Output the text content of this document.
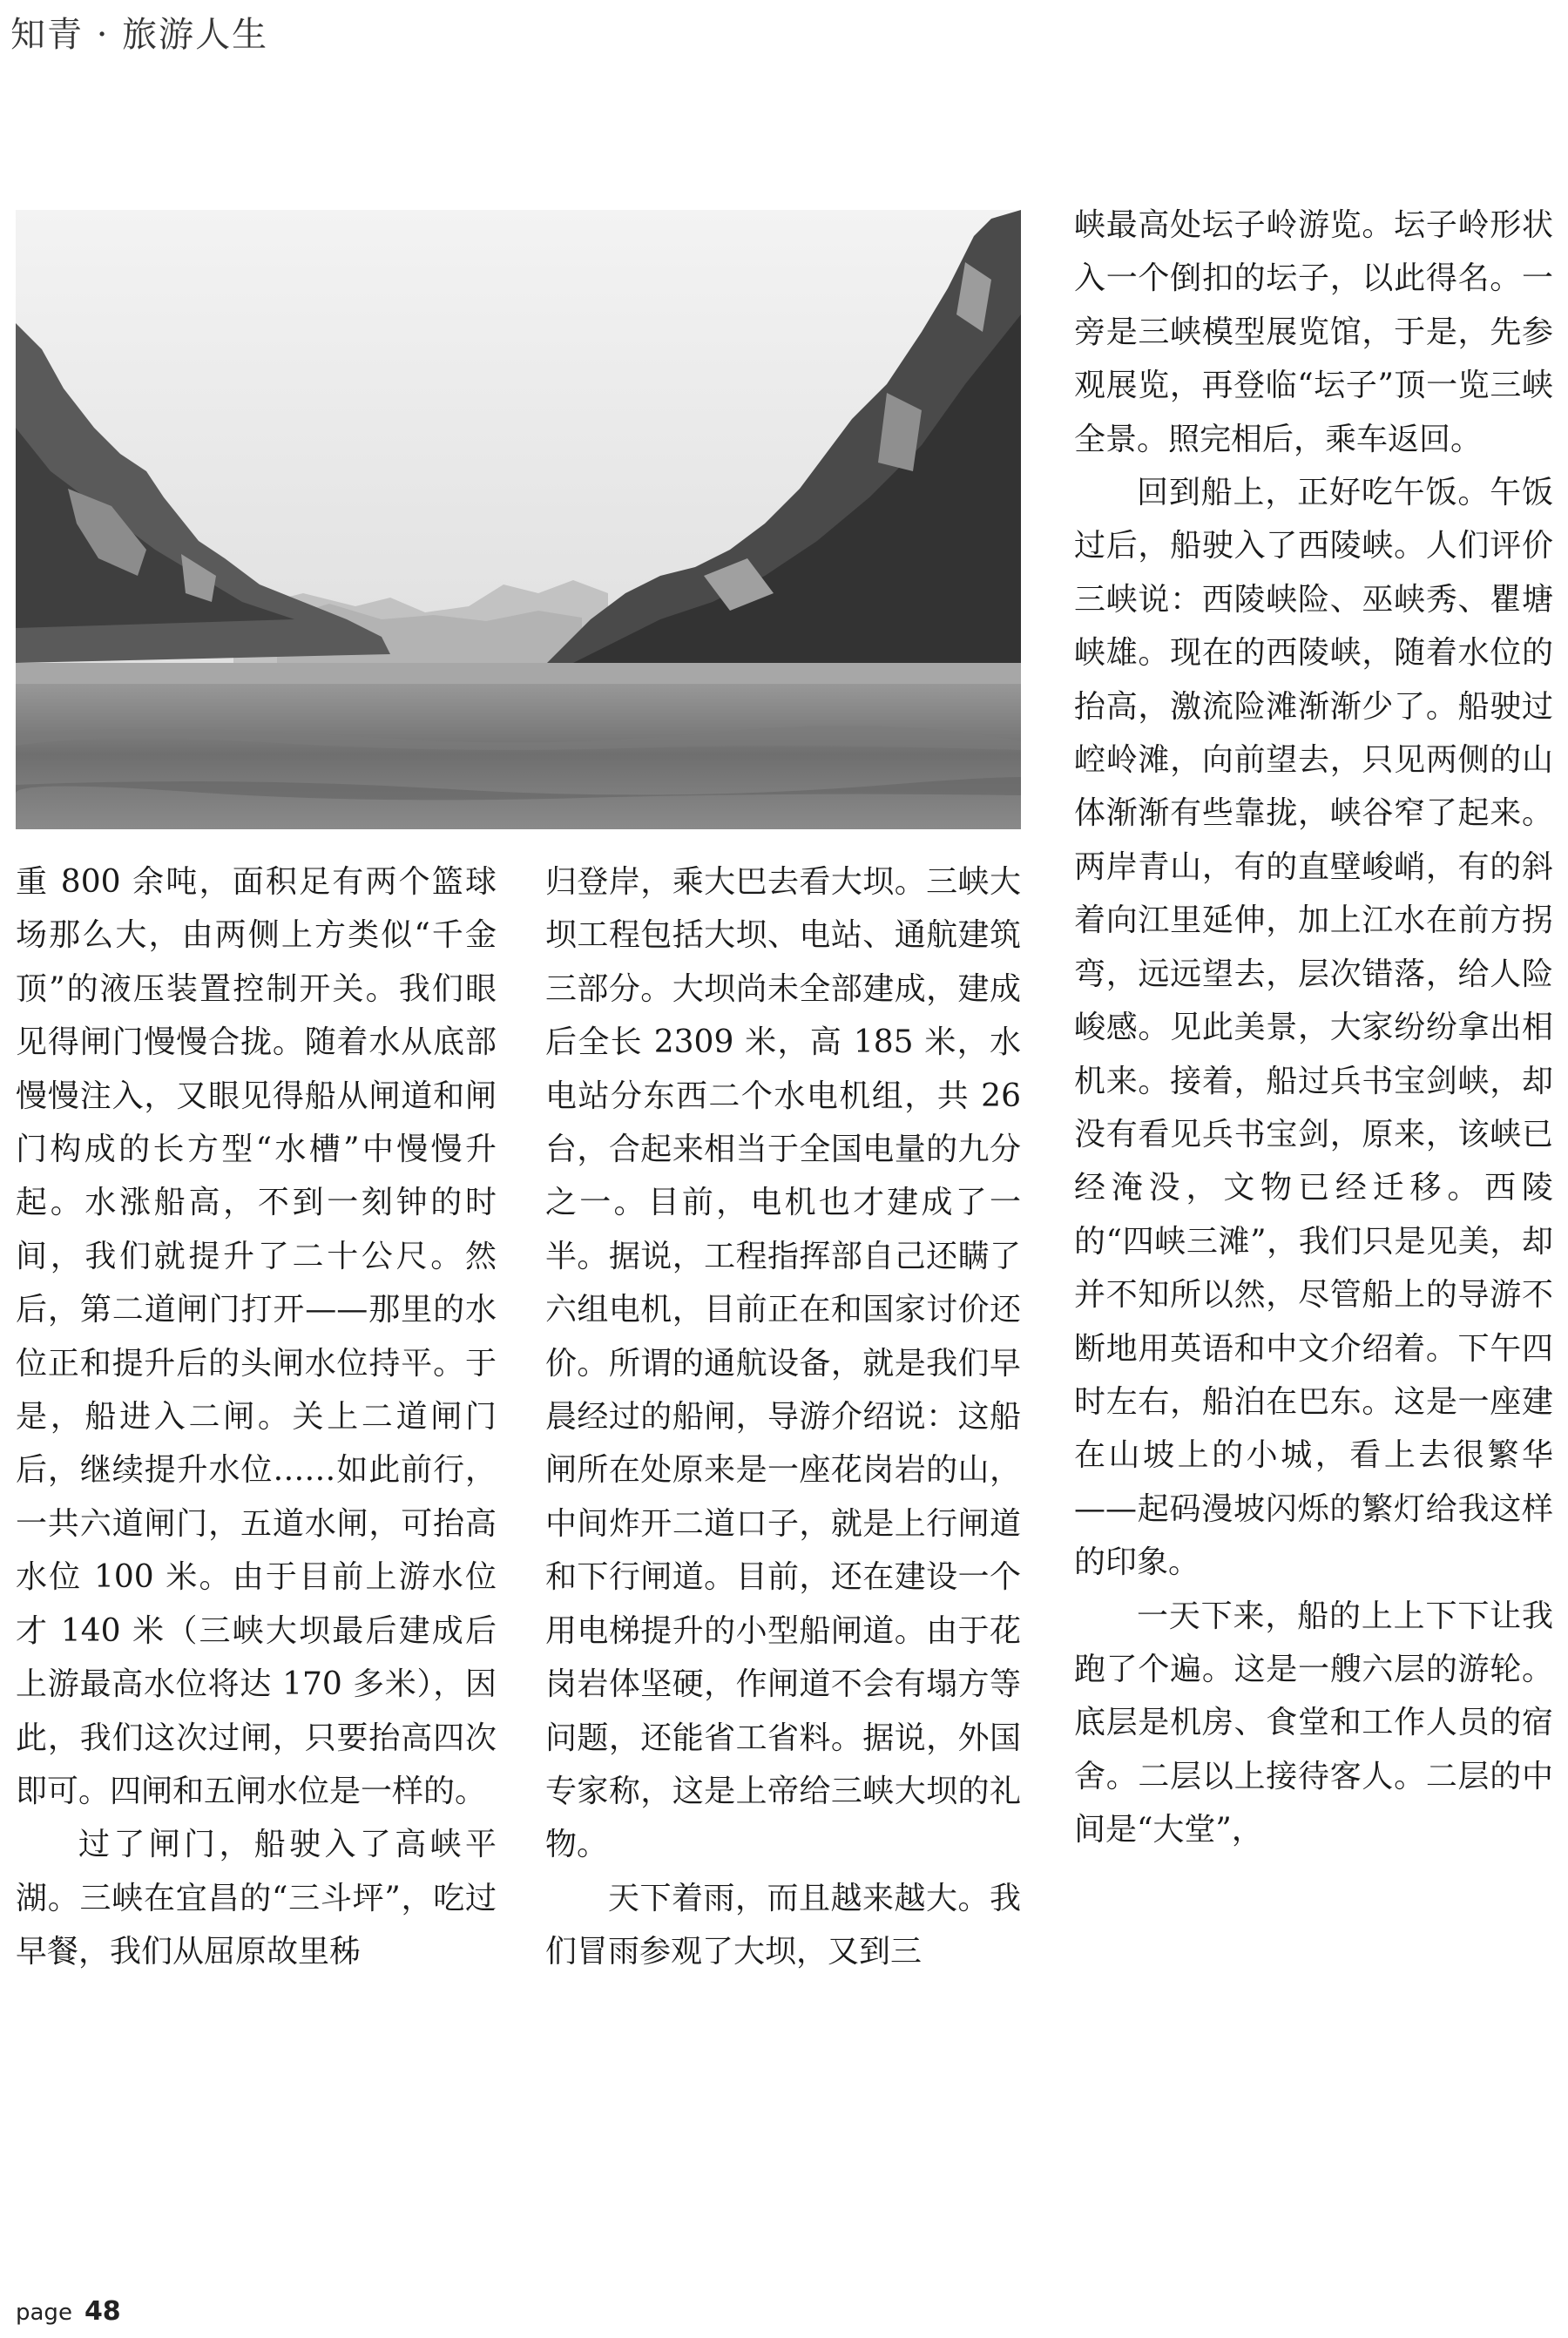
知青 · 旅游人生

重 800 余吨，面积足有两个篮球场那么大，由两侧上方类似“千金顶”的液压装置控制开关。我们眼见得闸门慢慢合拢。随着水从底部慢慢注入，又眼见得船从闸道和闸门构成的长方型“水槽”中慢慢升起。水涨船高，不到一刻钟的时间，我们就提升了二十公尺。然后，第二道闸门打开——那里的水位正和提升后的头闸水位持平。于是，船进入二闸。关上二道闸门后，继续提升水位……如此前行，一共六道闸门，五道水闸，可抬高水位 100 米。由于目前上游水位才 140 米（三峡大坝最后建成后上游最高水位将达 170 多米），因此，我们这次过闸，只要抬高四次即可。四闸和五闸水位是一样的。

过了闸门，船驶入了高峡平湖。三峡在宜昌的“三斗坪”，吃过早餐，我们从屈原故里秭

归登岸，乘大巴去看大坝。三峡大坝工程包括大坝、电站、通航建筑三部分。大坝尚未全部建成，建成后全长 2309 米，高 185 米，水电站分东西二个水电机组，共 26 台，合起来相当于全国电量的九分之一。目前，电机也才建成了一半。据说，工程指挥部自己还瞒了六组电机，目前正在和国家讨价还价。所谓的通航设备，就是我们早晨经过的船闸，导游介绍说：这船闸所在处原来是一座花岗岩的山，中间炸开二道口子，就是上行闸道和下行闸道。目前，还在建设一个用电梯提升的小型船闸道。由于花岗岩体坚硬，作闸道不会有塌方等问题，还能省工省料。据说，外国专家称，这是上帝给三峡大坝的礼物。

天下着雨，而且越来越大。我们冒雨参观了大坝，又到三

峡最高处坛子岭游览。坛子岭形状入一个倒扣的坛子，以此得名。一旁是三峡模型展览馆，于是，先参观展览，再登临“坛子”顶一览三峡全景。照完相后，乘车返回。

回到船上，正好吃午饭。午饭过后，船驶入了西陵峡。人们评价三峡说：西陵峡险、巫峡秀、瞿塘峡雄。现在的西陵峡，随着水位的抬高，激流险滩渐渐少了。船驶过崆岭滩，向前望去，只见两侧的山体渐渐有些靠拢，峡谷窄了起来。两岸青山，有的直壁峻峭，有的斜着向江里延伸，加上江水在前方拐弯，远远望去，层次错落，给人险峻感。见此美景，大家纷纷拿出相机来。接着，船过兵书宝剑峡，却没有看见兵书宝剑，原来，该峡已经淹没，文物已经迁移。西陵的“四峡三滩”，我们只是见美，却并不知所以然，尽管船上的导游不断地用英语和中文介绍着。下午四时左右，船泊在巴东。这是一座建在山坡上的小城，看上去很繁华——起码漫坡闪烁的繁灯给我这样的印象。

一天下来，船的上上下下让我跑了个遍。这是一艘六层的游轮。底层是机房、食堂和工作人员的宿舍。二层以上接待客人。二层的中间是“大堂”，

page 48
